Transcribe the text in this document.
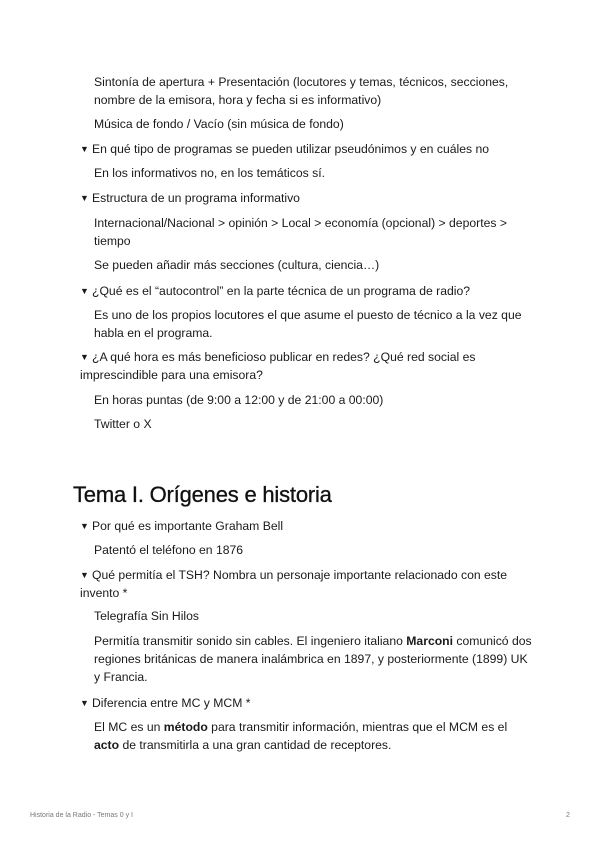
Sintonía de apertura + Presentación (locutores y temas, técnicos, secciones, nombre de la emisora, hora y fecha si es informativo)
Música de fondo / Vacío (sin música de fondo)
▼ En qué tipo de programas se pueden utilizar pseudónimos y en cuáles no
En los informativos no, en los temáticos sí.
▼ Estructura de un programa informativo
Internacional/Nacional > opinión > Local > economía (opcional) > deportes > tiempo
Se pueden añadir más secciones (cultura, ciencia…)
▼ ¿Qué es el “autocontrol” en la parte técnica de un programa de radio?
Es uno de los propios locutores el que asume el puesto de técnico a la vez que habla en el programa.
▼ ¿A qué hora es más beneficioso publicar en redes? ¿Qué red social es imprescindible para una emisora?
En horas puntas (de 9:00 a 12:00 y de 21:00 a 00:00)
Twitter o X
Tema I. Orígenes e historia
▼ Por qué es importante Graham Bell
Patentó el teléfono en 1876
▼ Qué permitía el TSH? Nombra un personaje importante relacionado con este invento *
Telegrafía Sin Hilos
Permitía transmitir sonido sin cables. El ingeniero italiano Marconi comunicó dos regiones británicas de manera inalámbrica en 1897, y posteriormente (1899) UK y Francia.
▼ Diferencia entre MC y MCM *
El MC es un método para transmitir información, mientras que el MCM es el acto de transmitirla a una gran cantidad de receptores.
Historia de la Radio - Temas 0 y I	2
